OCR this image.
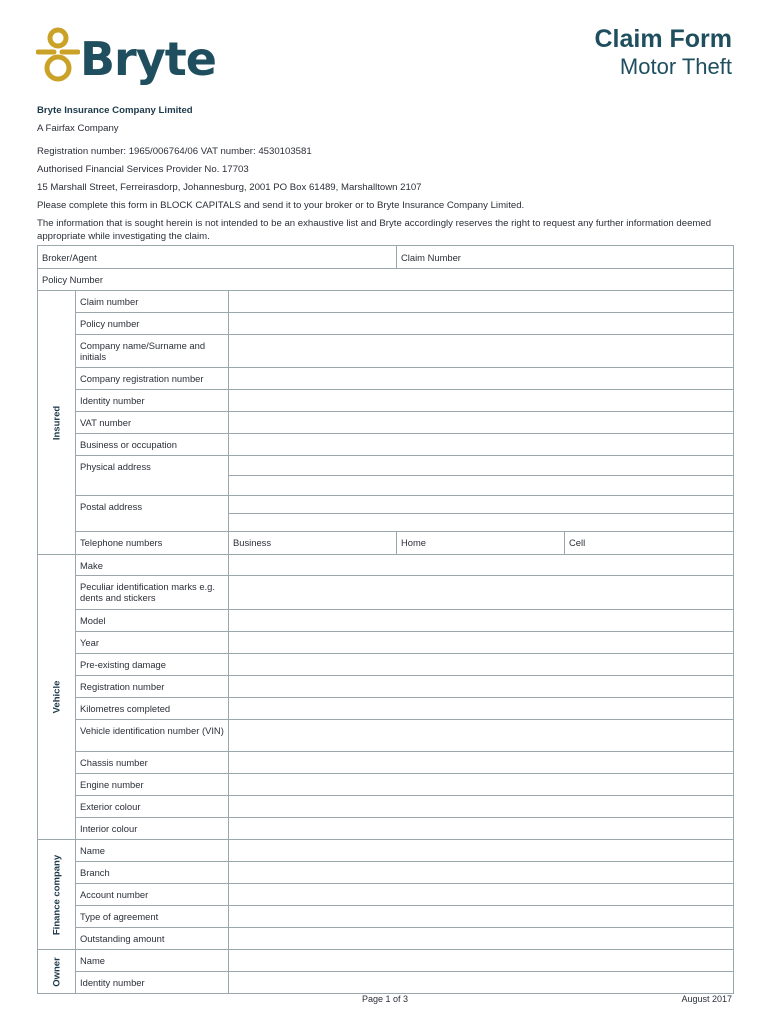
Bryte	Claim Form
Motor Theft

Bryte Insurance Company Limited

A Fairfax Company

Registration number: 1965/006764/06 VAT number: 4530103581

Authorised Financial Services Provider No. 17703

15 Marshall Street, Ferreirasdorp, Johannesburg, 2001 PO Box 61489, Marshalltown 2107

Please complete this form in BLOCK CAPITALS and send it to your broker or to Bryte Insurance Company Limited.

The information that is sought herein is not intended to be an exhaustive list and Bryte accordingly reserves the right to request any further information deemed appropriate while investigating the claim.

Broker/Agent			Claim Number	
Policy Number				

Insured	Claim number			
	Policy number			
	Company name/Surname and initials			
	Company registration number			
	Identity number			
	VAT number			
	Business or occupation			
	Physical address			

	Postal address			

	Telephone numbers	Business	Home	Cell

Vehicle	Make			
	Peculiar identification marks e.g. dents and stickers			
	Model			
	Year			
	Pre-existing damage			
	Registration number			
	Kilometres completed			
	Vehicle identification number (VIN)			
	Chassis number			
	Engine number			
	Exterior colour			
	Interior colour			

Finance company	Name			
	Branch			
	Account number			
	Type of agreement			
	Outstanding amount			

Owner	Name			
	Identity number			
Page 1 of 3	August 2017
